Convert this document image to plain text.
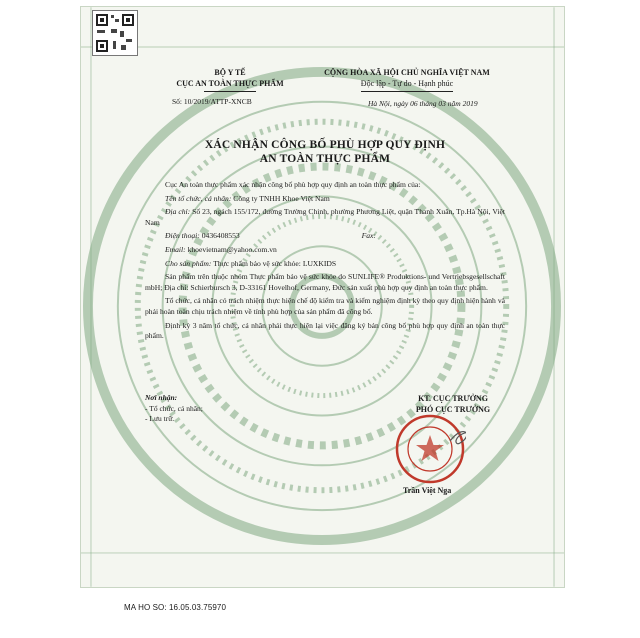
BỘ Y TẾ
CỤC AN TOÀN THỰC PHẨM
Số: 10/2019/ATTP-XNCB
CỘNG HÒA XÃ HỘI CHỦ NGHĨA VIỆT NAM
Độc lập - Tự do - Hạnh phúc
Hà Nội, ngày 06 tháng 03 năm 2019
XÁC NHẬN CÔNG BỐ PHÙ HỢP QUY ĐỊNH
AN TOÀN THỰC PHẨM

Cục An toàn thực phẩm xác nhận công bố phù hợp quy định an toàn thực phẩm của:

Tên tổ chức, cá nhân: Công ty TNHH Khoe Việt Nam

Địa chỉ: Số 23, ngách 155/172, đường Trường Chinh, phường Phương Liệt, quận Thanh Xuân, Tp.Hà Nội, Việt Nam

Điện thoại: 0436408553	Fax:

Email: khoevietnam@yahoo.com.vn

Cho sản phẩm: Thực phẩm bảo vệ sức khỏe: LUXKIDS

Sản phẩm trên thuộc nhóm Thực phẩm bảo vệ sức khỏe do SUNLIFE® Produktions- und Vertriebsgesellschaft mbH; Địa chỉ: Schierbursch 3, D-33161 Hovelhof, Germany, Đức sản xuất phù hợp quy định an toàn thực phẩm.

Tổ chức, cá nhân có trách nhiệm thực hiện chế độ kiểm tra và kiểm nghiệm định kỳ theo quy định hiện hành và phải hoàn toàn chịu trách nhiệm về tính phù hợp của sản phẩm đã công bố.

Định kỳ 3 năm tổ chức, cá nhân phải thực hiện lại việc đăng ký bản công bố phù hợp quy định an toàn thực phẩm.

Nơi nhận:
- Tổ chức, cá nhân;
- Lưu trữ.
KT. CỤC TRƯỞNG
PHÓ CỤC TRƯỞNG
Trần Việt Nga
MA HO SO: 16.05.03.75970
